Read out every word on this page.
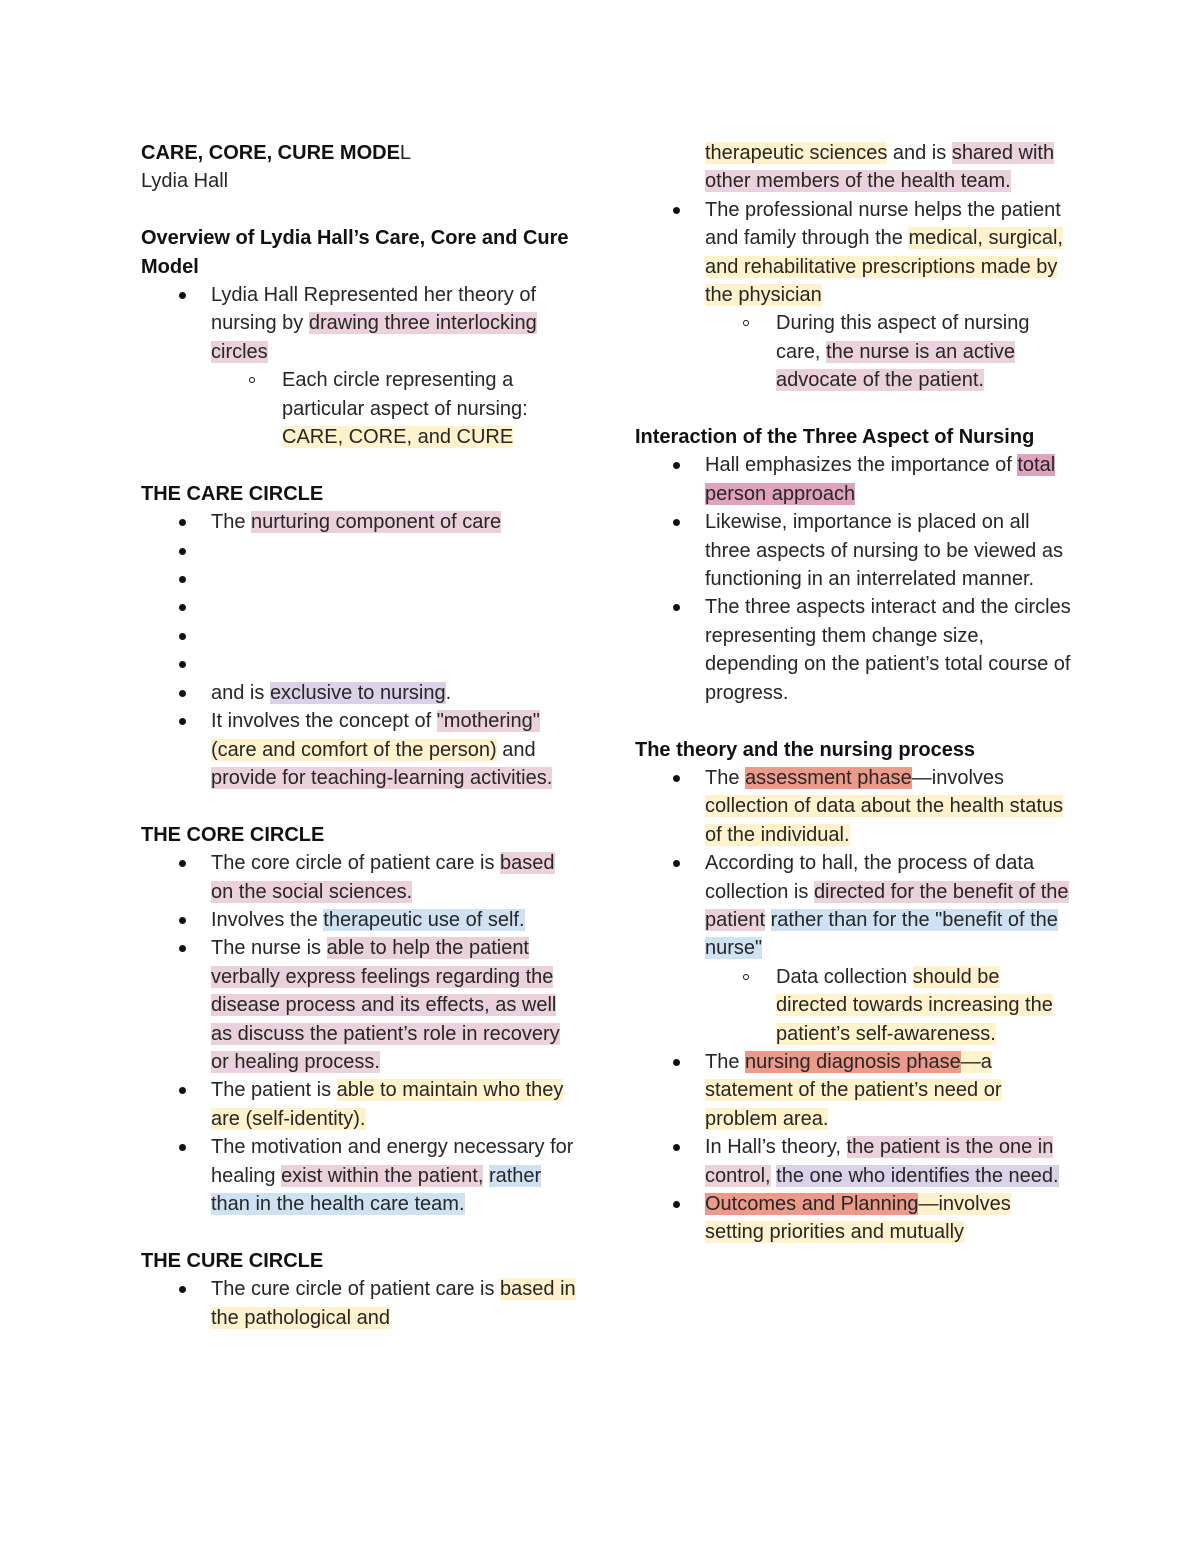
CARE, CORE, CURE MODEL
Lydia Hall
Overview of Lydia Hall’s Care, Core and Cure Model
Lydia Hall Represented her theory of nursing by drawing three interlocking circles
Each circle representing a particular aspect of nursing: CARE, CORE, and CURE
THE CARE CIRCLE
The nurturing component of care

and is exclusive to nursing.
It involves the concept of "mothering" (care and comfort of the person) and provide for teaching-learning activities.
THE CORE CIRCLE
The core circle of patient care is based on the social sciences.
Involves the therapeutic use of self.
The nurse is able to help the patient verbally express feelings regarding the disease process and its effects, as well as discuss the patient’s role in recovery or healing process.
The patient is able to maintain who they are (self-identity).
The motivation and energy necessary for healing exist within the patient, rather than in the health care team.
THE CURE CIRCLE
The cure circle of patient care is based in the pathological and
therapeutic sciences and is shared with other members of the health team.
The professional nurse helps the patient and family through the medical, surgical, and rehabilitative prescriptions made by the physician
During this aspect of nursing care, the nurse is an active advocate of the patient.
Interaction of the Three Aspect of Nursing
Hall emphasizes the importance of total person approach
Likewise, importance is placed on all three aspects of nursing to be viewed as functioning in an interrelated manner.
The three aspects interact and the circles representing them change size, depending on the patient’s total course of progress.
The theory and the nursing process
The assessment phase—involves collection of data about the health status of the individual.
According to hall, the process of data collection is directed for the benefit of the patient rather than for the "benefit of the nurse"
Data collection should be directed towards increasing the patient’s self-awareness.
The nursing diagnosis phase—a statement of the patient’s need or problem area.
In Hall’s theory, the patient is the one in control, the one who identifies the need.
Outcomes and Planning—involves setting priorities and mutually
